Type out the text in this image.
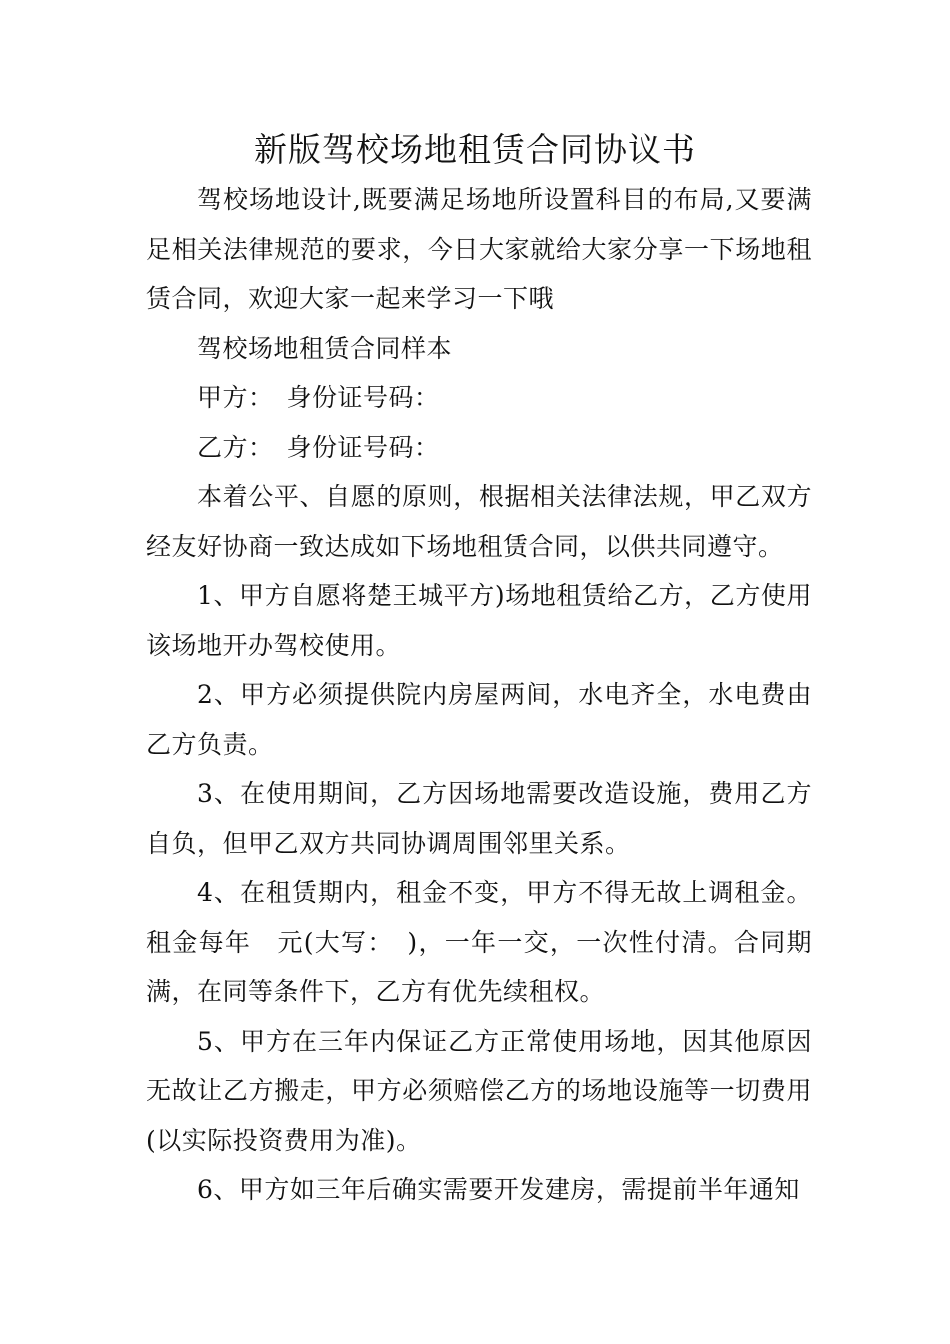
新版驾校场地租赁合同协议书

驾校场地设计,既要满足场地所设置科目的布局,又要满足相关法律规范的要求，今日大家就给大家分享一下场地租赁合同，欢迎大家一起来学习一下哦

驾校场地租赁合同样本

甲方：　身份证号码：

乙方：　身份证号码：

本着公平、自愿的原则，根据相关法律法规，甲乙双方经友好协商一致达成如下场地租赁合同，以供共同遵守。

1、甲方自愿将楚王城平方)场地租赁给乙方，乙方使用该场地开办驾校使用。

2、甲方必须提供院内房屋两间，水电齐全，水电费由乙方负责。

3、在使用期间，乙方因场地需要改造设施，费用乙方自负，但甲乙双方共同协调周围邻里关系。

4、在租赁期内，租金不变，甲方不得无故上调租金。租金每年　元(大写：　)，一年一交，一次性付清。合同期满，在同等条件下，乙方有优先续租权。

5、甲方在三年内保证乙方正常使用场地，因其他原因无故让乙方搬走，甲方必须赔偿乙方的场地设施等一切费用(以实际投资费用为准)。

6、甲方如三年后确实需要开发建房，需提前半年通知
